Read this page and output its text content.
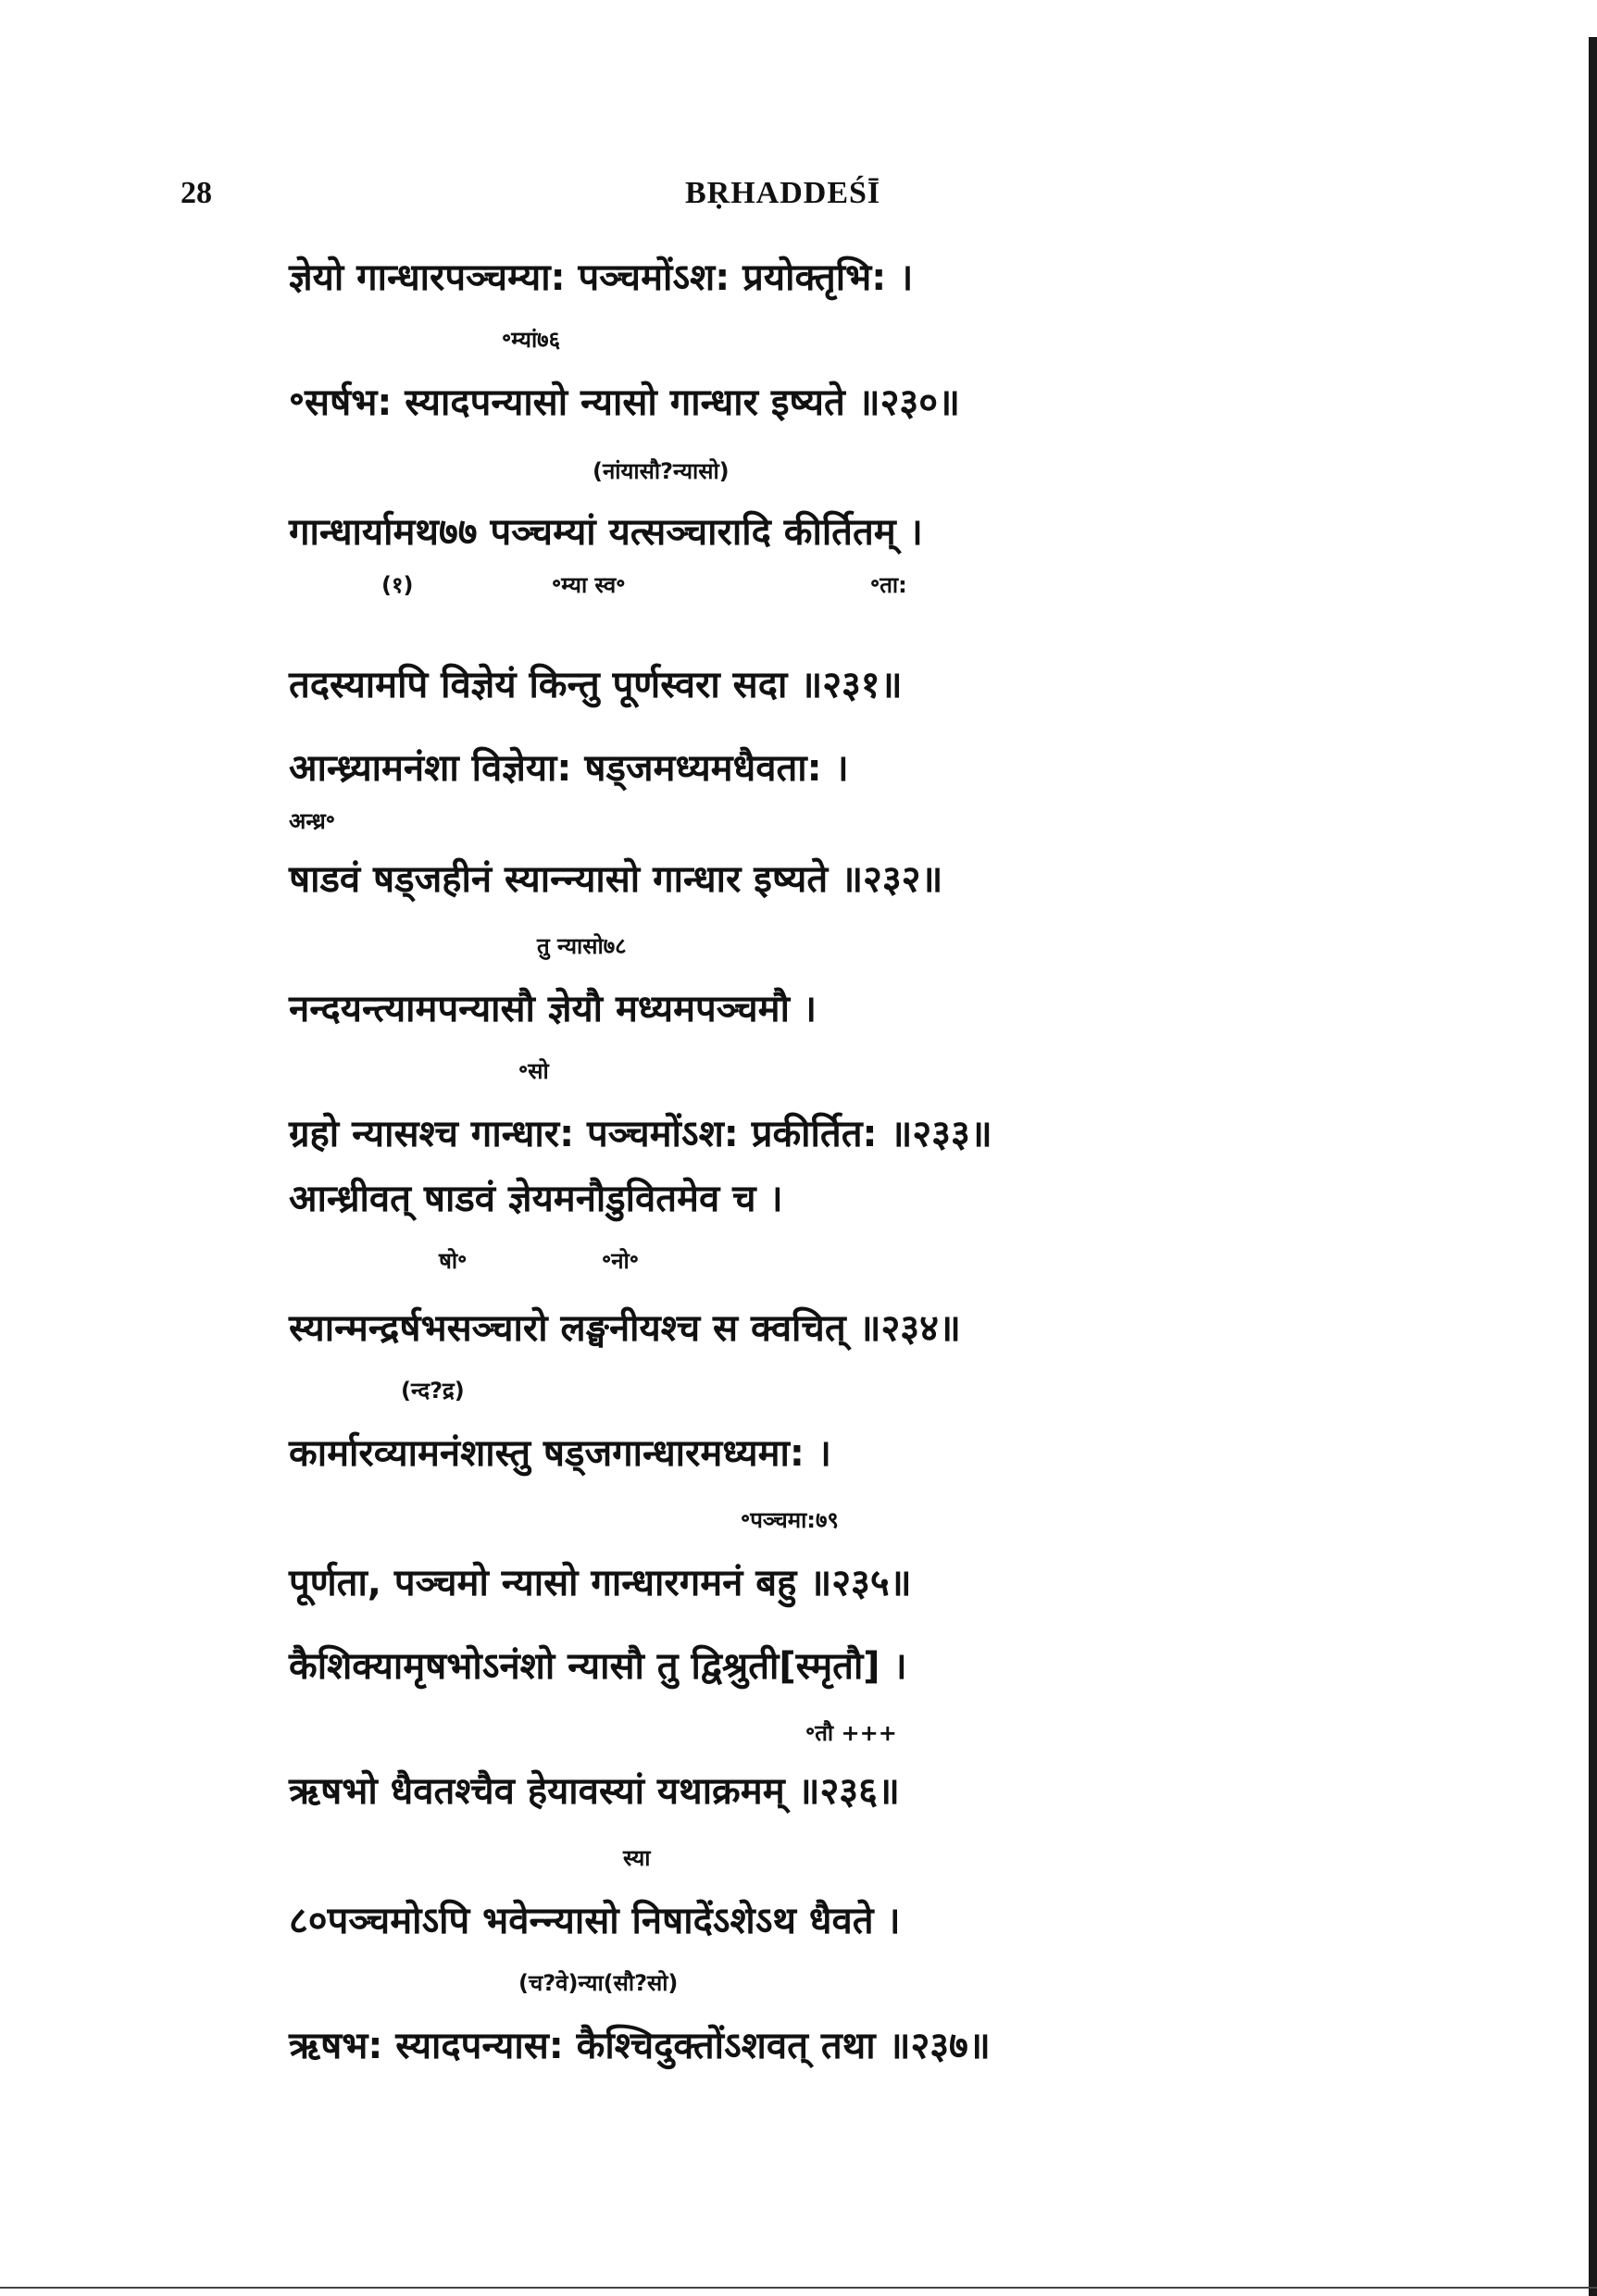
28	BṚHADDEŚĪ
ज्ञेयो गान्धारपञ्चम्या: पञ्चमोंऽश: प्रयोक्तृभि: ।
॰म्यां७६
॰सर्षभ: स्यादपन्यासो न्यासो गान्धार इष्यते ॥२३०॥
(नांयासौ?न्यासो)
गान्धार्यामथ७७ पञ्चम्यां यत्सञ्चारादि कीर्तितम् ।
(१)	॰म्या स्व॰	॰ता:
तदस्यामपि विज्ञेयं किन्तु पूर्णस्वरा सदा ॥२३१॥
आन्ध्र्यामनंशा विज्ञेया: षड्जमध्यमधैवता: ।
अन्ध्र॰
षाडवं षड्जहीनं स्यान्न्यासो गान्धार इष्यते ॥२३२॥
तु न्यासो७८
नन्दयन्त्यामपन्यासौ ज्ञेयौ मध्यमपञ्चमौ ।
॰सो
ग्रहो न्यासश्च गान्धार: पञ्चमोंऽश: प्रकीर्तित: ॥२३३॥
आन्ध्रीवत् षाडवं ज्ञेयमनौडुवितमेव च ।
षो॰	॰नो॰
स्यान्मन्द्रर्षभसञ्चारो लङ्घनीयश्च स क्वचित् ॥२३४॥
(न्द?द्र)
कार्मारव्यामनंशास्तु षड्जगान्धारमध्यमा: ।
॰पञ्चमा:७९
पूर्णता, पञ्चमो न्यासो गान्धारगमनं बहु ॥२३५॥
कैशिक्यामृषभोऽनंशो न्यासौ तु द्विश्रुती[स्मृतौ] ।
॰तौ +++
ऋषभो धैवतश्चैव हेयावस्यां यथाक्रमम् ॥२३६॥
स्या
८०पञ्चमोऽपि भवेन्न्यासो निषादेंऽशेऽथ धैवते ।
(च?वे)न्या(सौ?सो)
ऋषभ: स्यादपन्यास: कैश्चिदुक्तोंऽशवत् तथा ॥२३७॥
